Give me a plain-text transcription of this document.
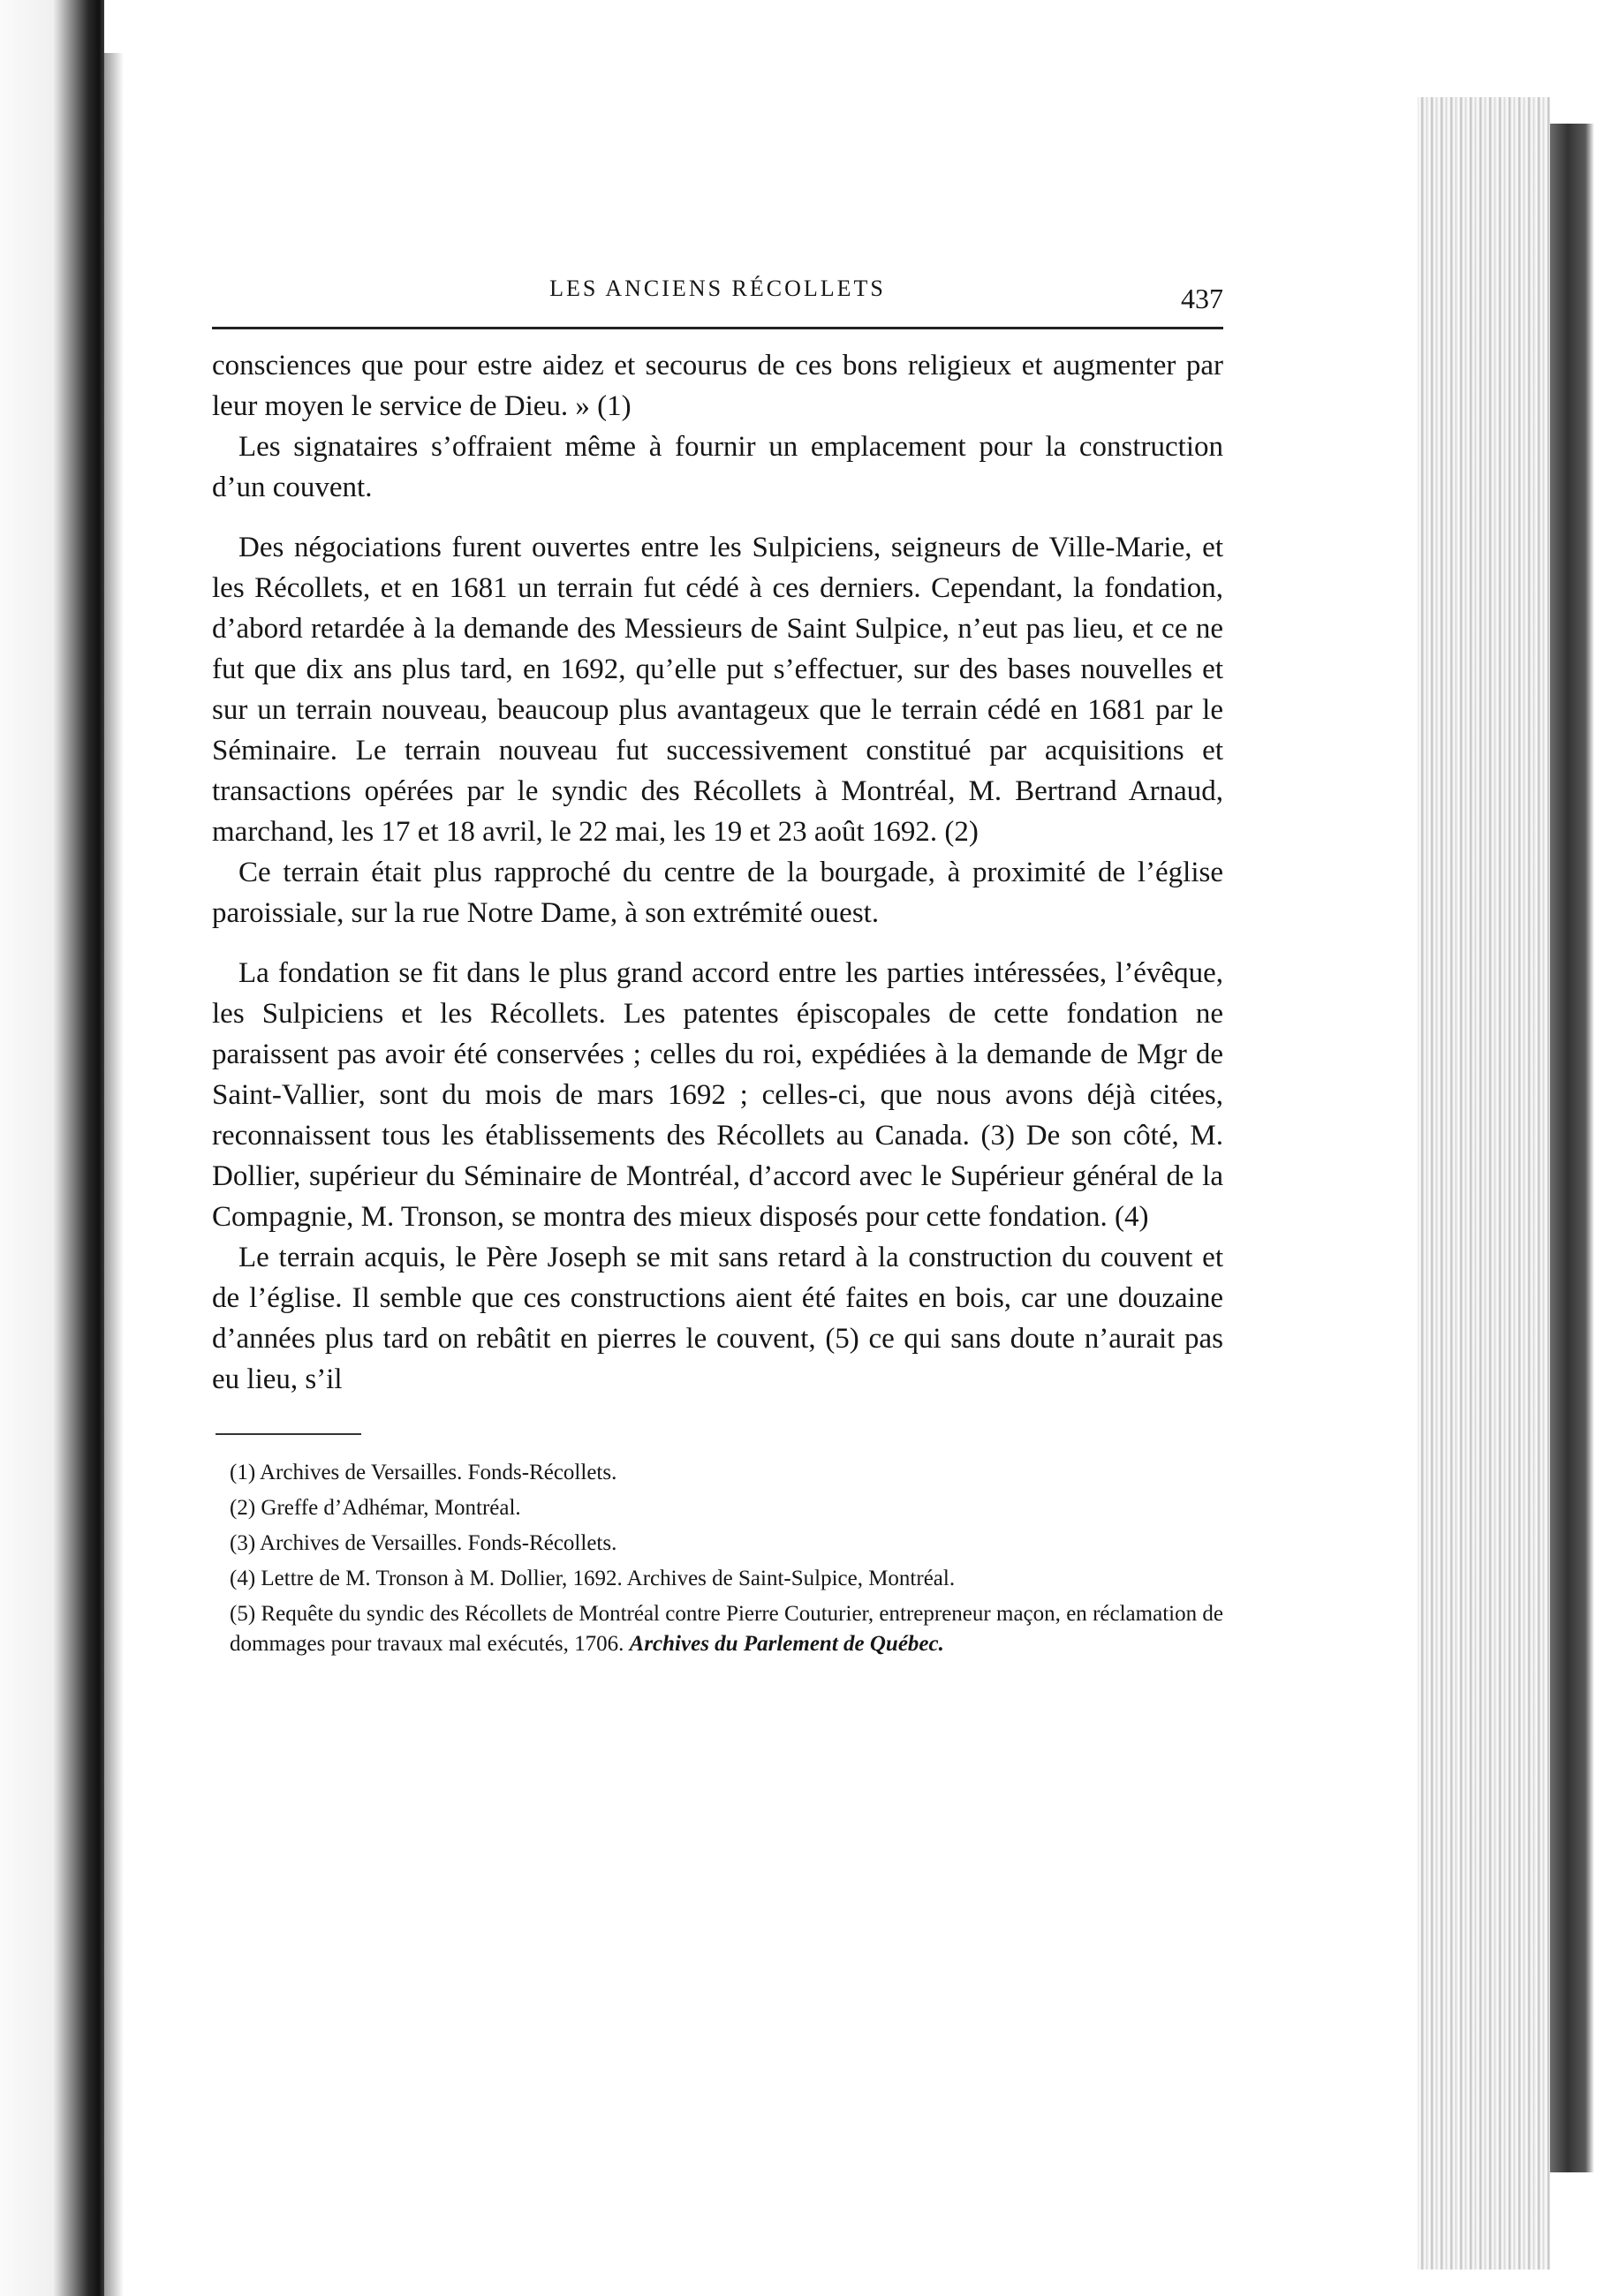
LES ANCIENS RÉCOLLETS	437

consciences que pour estre aidez et secourus de ces bons religieux et augmenter par leur moyen le service de Dieu. » (1)

Les signataires s’offraient même à fournir un emplacement pour la construction d’un couvent.

Des négociations furent ouvertes entre les Sulpiciens, seigneurs de Ville-Marie, et les Récollets, et en 1681 un terrain fut cédé à ces derniers. Cependant, la fondation, d’abord retardée à la demande des Messieurs de Saint Sulpice, n’eut pas lieu, et ce ne fut que dix ans plus tard, en 1692, qu’elle put s’effectuer, sur des bases nouvelles et sur un terrain nouveau, beaucoup plus avantageux que le terrain cédé en 1681 par le Séminaire. Le terrain nouveau fut successivement constitué par acquisitions et transactions opérées par le syndic des Récollets à Montréal, M. Bertrand Arnaud, marchand, les 17 et 18 avril, le 22 mai, les 19 et 23 août 1692. (2)

Ce terrain était plus rapproché du centre de la bourgade, à proximité de l’église paroissiale, sur la rue Notre Dame, à son extrémité ouest.

La fondation se fit dans le plus grand accord entre les parties intéressées, l’évêque, les Sulpiciens et les Récollets. Les patentes épiscopales de cette fondation ne paraissent pas avoir été conservées ; celles du roi, expédiées à la demande de Mgr de Saint-Vallier, sont du mois de mars 1692 ; celles-ci, que nous avons déjà citées, reconnaissent tous les établissements des Récollets au Canada. (3) De son côté, M. Dollier, supérieur du Séminaire de Montréal, d’accord avec le Supérieur général de la Compagnie, M. Tronson, se montra des mieux disposés pour cette fondation. (4)

Le terrain acquis, le Père Joseph se mit sans retard à la construction du couvent et de l’église. Il semble que ces constructions aient été faites en bois, car une douzaine d’années plus tard on rebâtit en pierres le couvent, (5) ce qui sans doute n’aurait pas eu lieu, s’il

(1) Archives de Versailles. Fonds-Récollets.

(2) Greffe d’Adhémar, Montréal.

(3) Archives de Versailles. Fonds-Récollets.

(4) Lettre de M. Tronson à M. Dollier, 1692. Archives de Saint-Sulpice, Montréal.

(5) Requête du syndic des Récollets de Montréal contre Pierre Couturier, entrepreneur maçon, en réclamation de dommages pour travaux mal exécutés, 1706. Archives du Parlement de Québec.
